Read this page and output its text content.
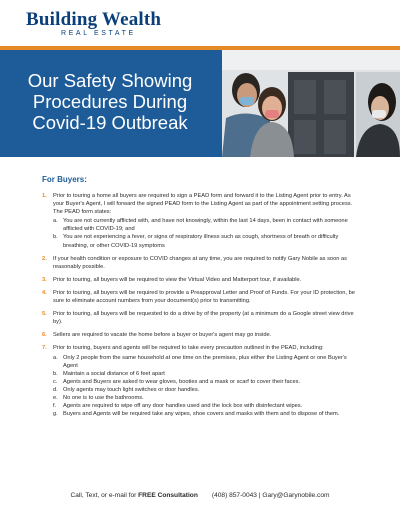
Building Wealth
REAL ESTATE
Our Safety Showing
Procedures During
Covid-19 Outbreak
For Buyers:
1. Prior to touring a home all buyers are required to sign a PEAD form and forward it to the Listing Agent prior to entry. As your Buyer's Agent, I will forward the signed PEAD form to the Listing Agent as part of the appointment setting process. The PEAD form states:
a. You are not currently afflicted with, and have not knowingly, within the last 14 days, been in contact with someone afflicted with COVID-19; and
b. You are not experiencing a fever, or signs of respiratory illness such as cough, shortness of breath or difficulty breathing, or other COVID-19 symptoms
2. If your health condition or exposure to COVID changes at any time, you are required to notify Gary Nobile as soon as reasonably possible.
3. Prior to touring, all buyers will be required to view the Virtual Video and Matterport tour, if available.
4. Prior to touring, all buyers will be required to provide a Preapproval Letter and Proof of Funds. For your ID protection, be sure to eliminate account numbers from your document(s) prior to transmitting.
5. Prior to touring, all buyers will be requested to do a drive by of the property (at a minimum do a Google street view drive by).
6. Sellers are required to vacate the home before a buyer or buyer's agent may go inside.
7. Prior to touring, buyers and agents will be required to take every precaution outlined in the PEAD, including:
a. Only 2 people from the same household at one time on the premises, plus either the Listing Agent or one Buyer's Agent
b. Maintain a social distance of 6 feet apart
c. Agents and Buyers are asked to wear gloves, booties and a mask or scarf to cover their faces.
d. Only agents may touch light switches or door handles.
e. No one is to use the bathrooms.
f. Agents are required to wipe off any door handles used and the lock box with disinfectant wipes.
g. Buyers and Agents will be required take any wipes, shoe covers and masks with them and to dispose of them.
Call, Text, or e-mail for FREE Consultation (408) 857-0043 | Gary@Garynobile.com
